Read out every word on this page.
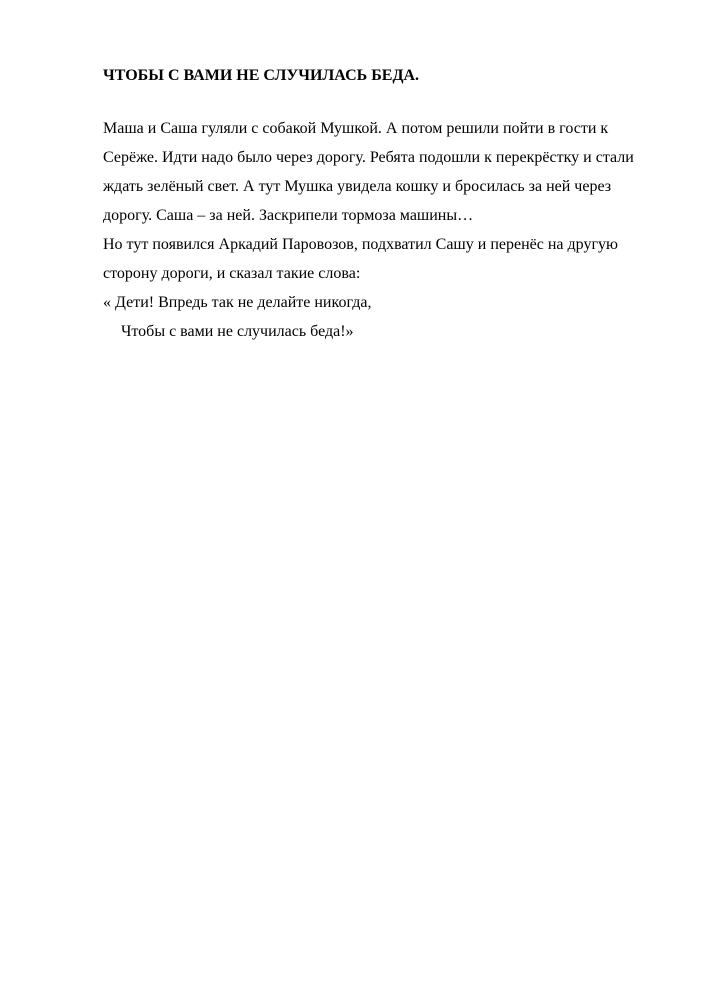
ЧТОБЫ С ВАМИ НЕ СЛУЧИЛАСЬ БЕДА.
Маша и Саша гуляли с собакой Мушкой. А потом решили пойти в гости к
Серёже. Идти надо было через дорогу. Ребята подошли к перекрёстку и стали
ждать зелёный свет. А тут Мушка увидела кошку и бросилась за ней через
дорогу. Саша – за ней. Заскрипели тормоза машины…
Но тут появился Аркадий Паровозов, подхватил Сашу и перенёс на другую
сторону дороги, и сказал такие слова:
« Дети! Впредь так не делайте никогда,
Чтобы с вами не случилась беда!»
